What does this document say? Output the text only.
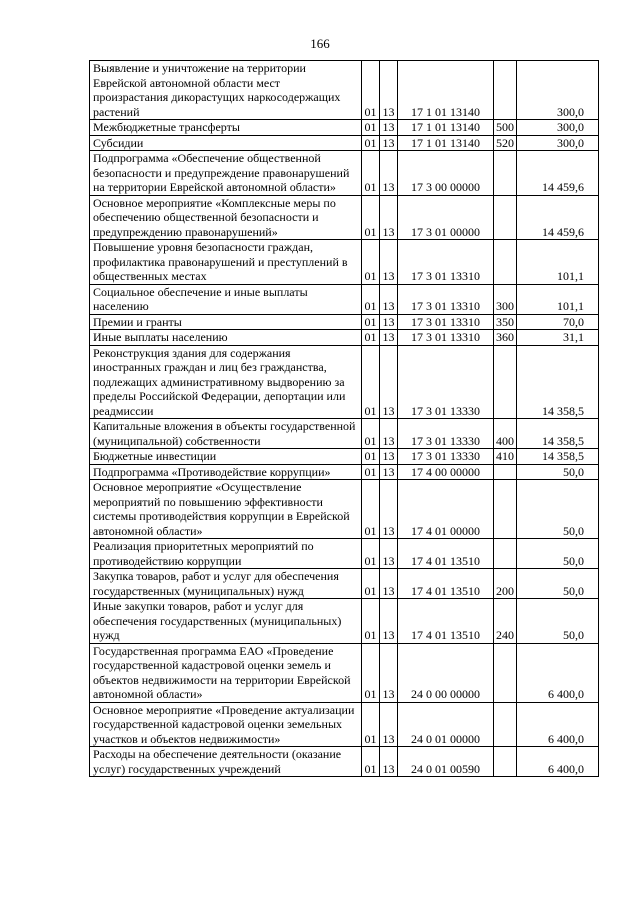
166
Выявление и уничтожение на территории Еврейской автономной области мест произрастания дикорастущих наркосодержащих растений	01	13	17 1 01 13140		300,0
Межбюджетные трансферты	01	13	17 1 01 13140	500	300,0
Субсидии	01	13	17 1 01 13140	520	300,0
Подпрограмма «Обеспечение общественной безопасности и предупреждение правонарушений на территории Еврейской автономной области»	01	13	17 3 00 00000		14 459,6
Основное мероприятие «Комплексные меры по обеспечению общественной безопасности и предупреждению правонарушений»	01	13	17 3 01 00000		14 459,6
Повышение уровня безопасности граждан, профилактика правонарушений и преступлений в общественных местах	01	13	17 3 01 13310		101,1
Социальное обеспечение и иные выплаты населению	01	13	17 3 01 13310	300	101,1
Премии и гранты	01	13	17 3 01 13310	350	70,0
Иные выплаты населению	01	13	17 3 01 13310	360	31,1
Реконструкция здания для содержания иностранных граждан и лиц без гражданства, подлежащих административному выдворению за пределы Российской Федерации, депортации или реадмиссии	01	13	17 3 01 13330		14 358,5
Капитальные вложения в объекты государственной (муниципальной) собственности	01	13	17 3 01 13330	400	14 358,5
Бюджетные инвестиции	01	13	17 3 01 13330	410	14 358,5
Подпрограмма «Противодействие коррупции»	01	13	17 4 00 00000		50,0
Основное мероприятие «Осуществление мероприятий по повышению эффективности системы противодействия коррупции в Еврейской автономной области»	01	13	17 4 01 00000		50,0
Реализация приоритетных мероприятий по противодействию коррупции	01	13	17 4 01 13510		50,0
Закупка товаров, работ и услуг для обеспечения государственных (муниципальных) нужд	01	13	17 4 01 13510	200	50,0
Иные закупки товаров, работ и услуг для обеспечения государственных (муниципальных) нужд	01	13	17 4 01 13510	240	50,0
Государственная программа ЕАО «Проведение государственной кадастровой оценки земель и объектов недвижимости на территории Еврейской автономной области»	01	13	24 0 00 00000		6 400,0
Основное мероприятие «Проведение актуализации государственной кадастровой оценки земельных участков и объектов недвижимости»	01	13	24 0 01 00000		6 400,0
Расходы на обеспечение деятельности (оказание услуг) государственных учреждений	01	13	24 0 01 00590		6 400,0
